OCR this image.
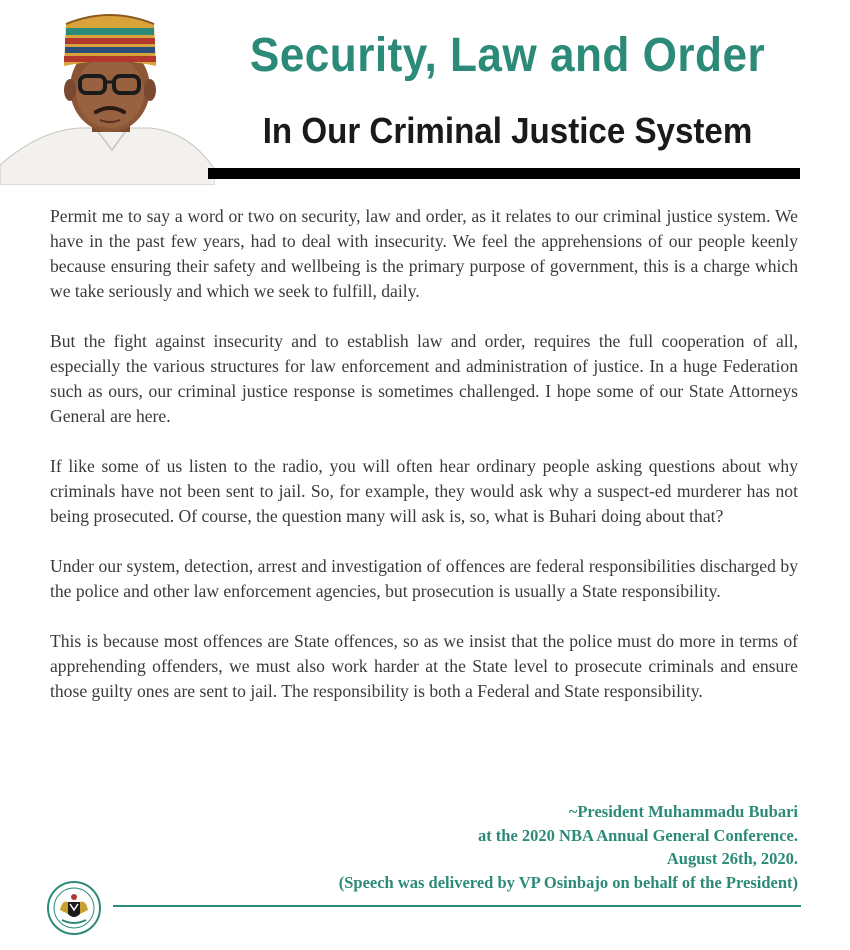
Security, Law and Order
In Our Criminal Justice System

Permit me to say a word or two on security, law and order, as it relates to our criminal justice system. We have in the past few years, had to deal with insecurity. We feel the apprehensions of our people keenly because ensuring their safety and wellbeing is the primary purpose of government, this is a charge which we take seriously and which we seek to fulfill, daily.

But the fight against insecurity and to establish law and order, requires the full cooperation of all, especially the various structures for law enforcement and administration of justice. In a huge Federation such as ours, our criminal justice response is sometimes challenged. I hope some of our State Attorneys General are here.

If like some of us listen to the radio, you will often hear ordinary people asking questions about why criminals have not been sent to jail. So, for example, they would ask why a suspect-ed murderer has not being prosecuted. Of course, the question many will ask is, so, what is Buhari doing about that?

Under our system, detection, arrest and investigation of offences are federal responsibilities discharged by the police and other law enforcement agencies, but prosecution is usually a State responsibility.

This is because most offences are State offences, so as we insist that the police must do more in terms of apprehending offenders, we must also work harder at the State level to prosecute criminals and ensure those guilty ones are sent to jail. The responsibility is both a Federal and State responsibility.

~President Muhammadu Bubari
at the 2020 NBA Annual General Conference.
August 26th, 2020.
(Speech was delivered by VP Osinbajo on behalf of the President)
